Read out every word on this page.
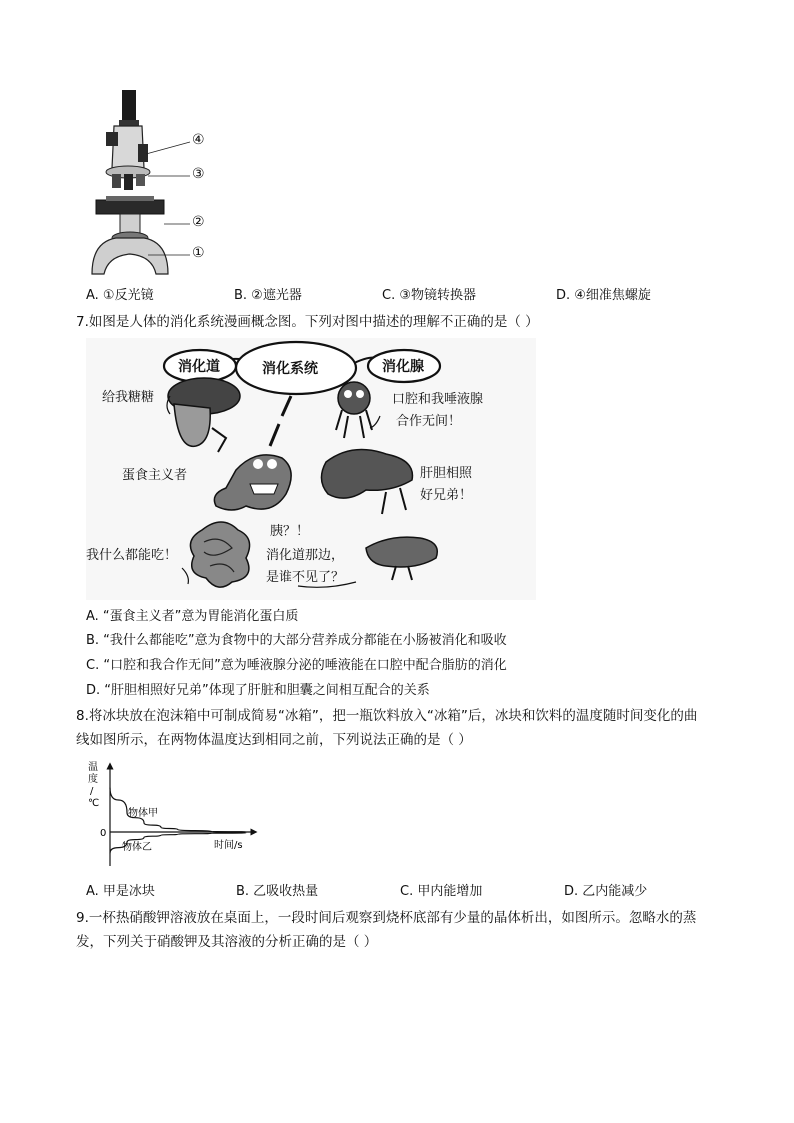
④
③
②
①
A. ①反光镜	B. ②遮光器	C. ③物镜转换器	D. ④细准焦螺旋
7.如图是人体的消化系统漫画概念图。下列对图中描述的理解不正确的是（ ）
消化道	消化系统	消化腺
给我糖糖	口腔和我唾液腺
合作无间！
蛋食主义者	肝胆相照
好兄弟！
胰？！
我什么都能吃！	消化道那边，
是谁不见了？
A. “蛋食主义者”意为胃能消化蛋白质
B. “我什么都能吃”意为食物中的大部分营养成分都能在小肠被消化和吸收
C. “口腔和我合作无间”意为唾液腺分泌的唾液能在口腔中配合脂肪的消化
D. “肝胆相照好兄弟”体现了肝脏和胆囊之间相互配合的关系
8.将冰块放在泡沫箱中可制成简易“冰箱”，把一瓶饮料放入“冰箱”后，冰块和饮料的温度随时间变化的曲
线如图所示，在两物体温度达到相同之前，下列说法正确的是（ ）
温
度
/
℃
0
物体甲
物体乙	时间/s
A. 甲是冰块	B. 乙吸收热量	C. 甲内能增加	D. 乙内能减少
9.一杯热硝酸钾溶液放在桌面上，一段时间后观察到烧杯底部有少量的晶体析出，如图所示。忽略水的蒸
发，下列关于硝酸钾及其溶液的分析正确的是（ ）
